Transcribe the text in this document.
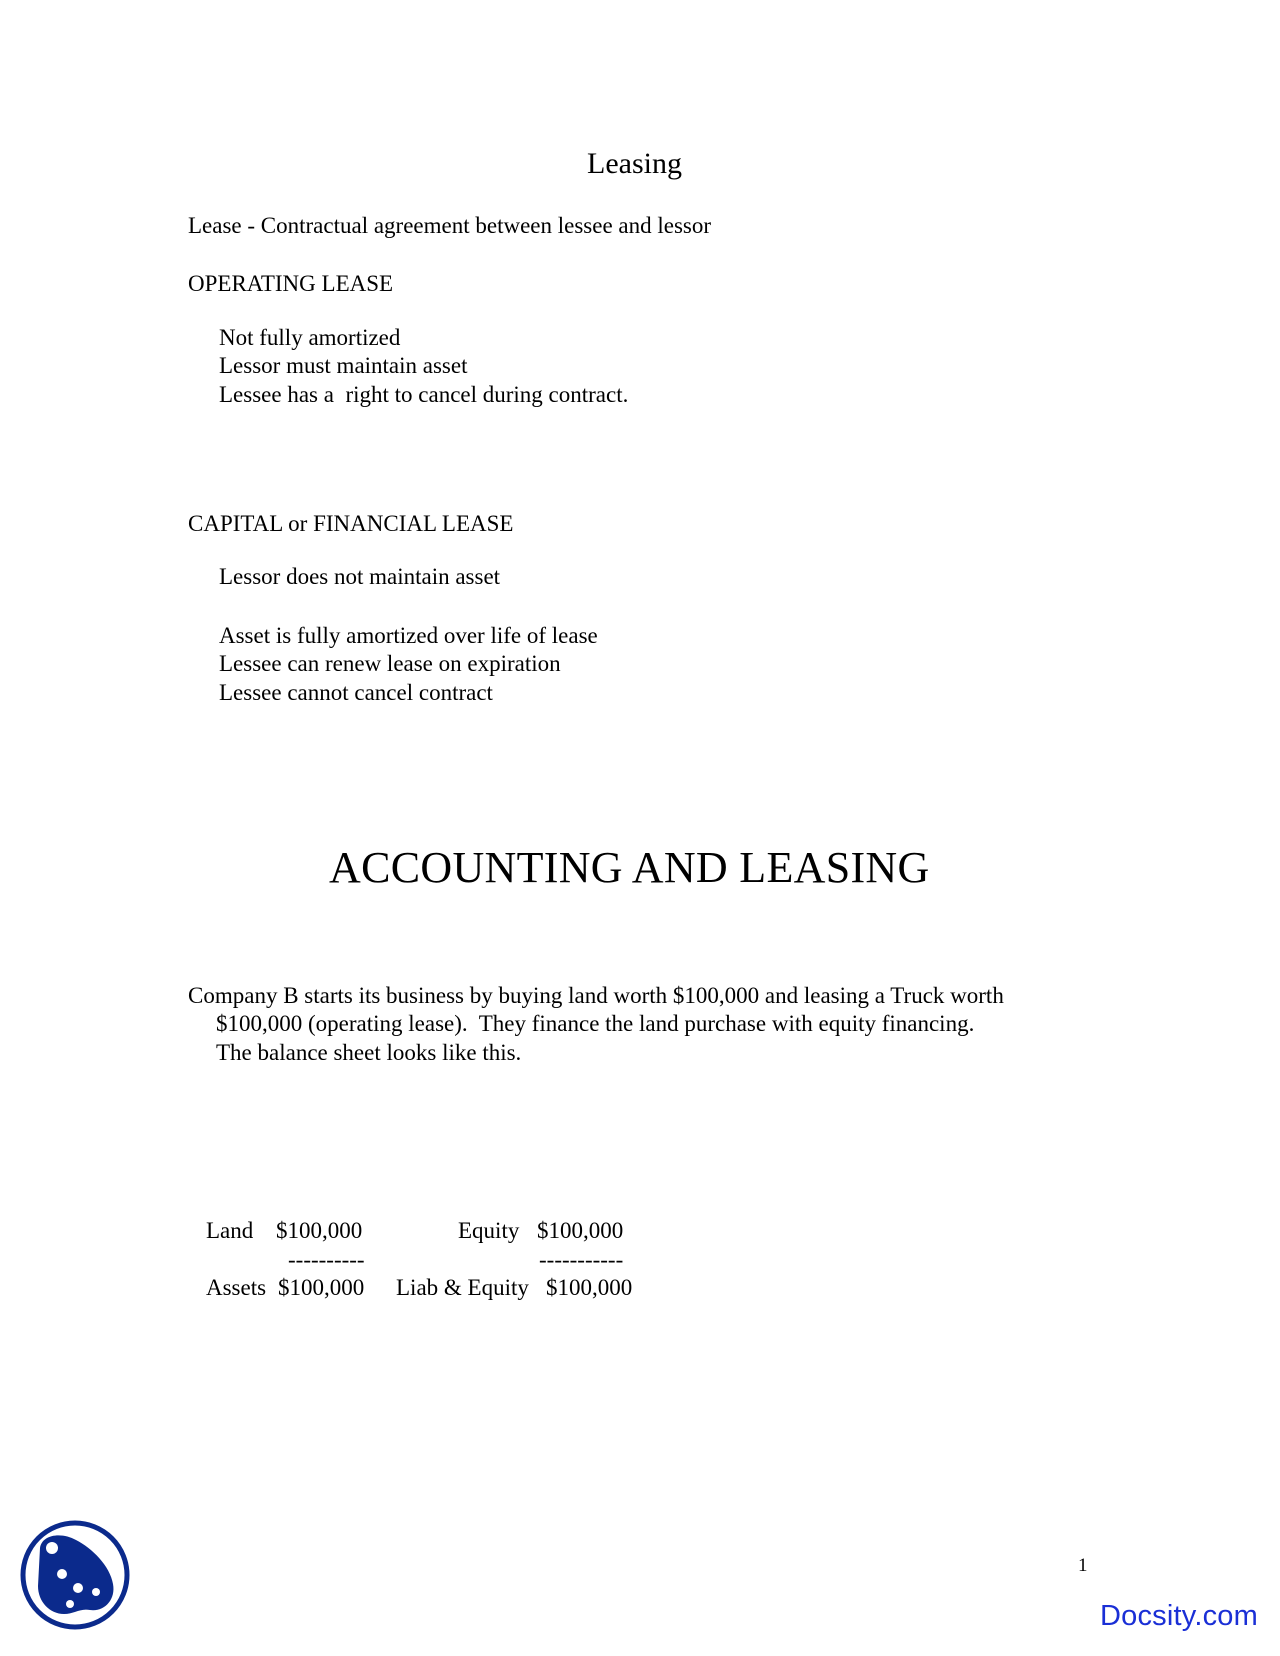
Leasing
Lease - Contractual agreement between lessee and lessor
OPERATING LEASE
Not fully amortized
Lessor must maintain asset
Lessee has a  right to cancel during contract.
CAPITAL or FINANCIAL LEASE
Lessor does not maintain asset
Asset is fully amortized over life of lease
Lessee can renew lease on expiration
Lessee cannot cancel contract
ACCOUNTING AND LEASING
Company B starts its business by buying land worth $100,000 and leasing a Truck worth
$100,000 (operating lease).  They finance the land purchase with equity financing.
The balance sheet looks like this.
Land $100,000	Equity $100,000
----------	-----------
Assets $100,000 Liab & Equity $100,000
1
Docsity.com
